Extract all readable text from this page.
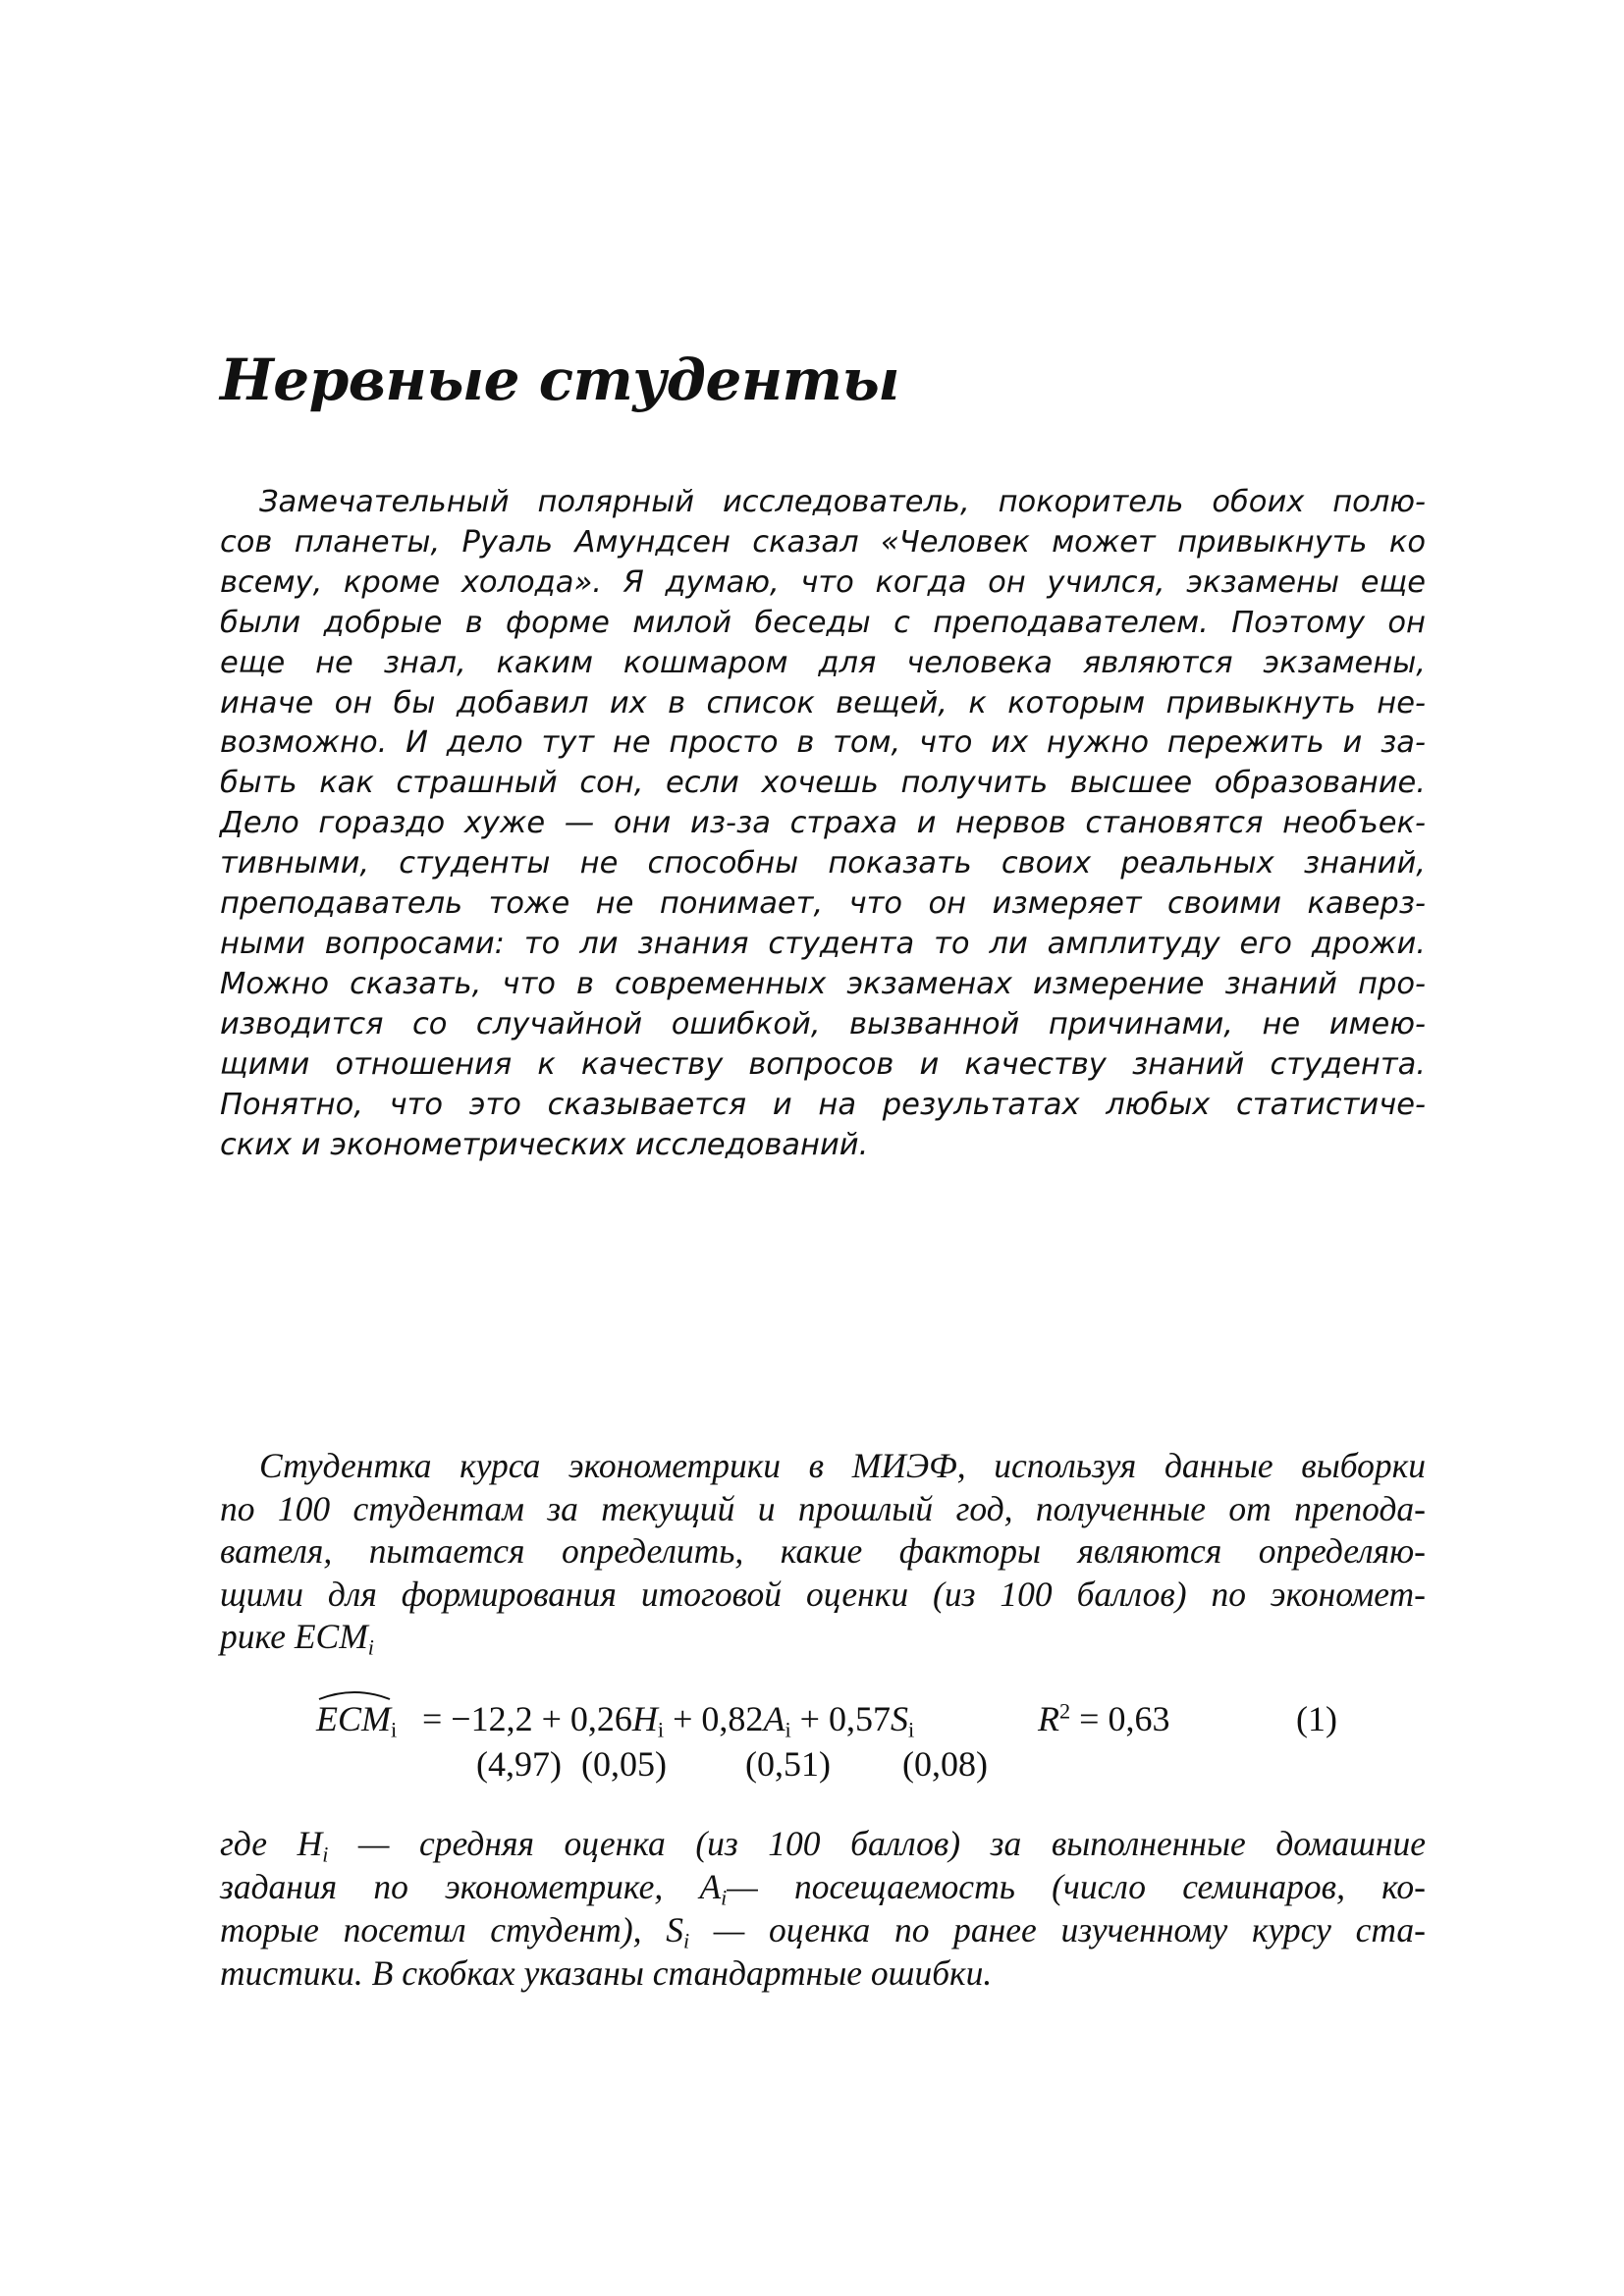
Нервные студенты
Замечательный полярный исследователь, покоритель обоих полю-
сов планеты, Руаль Амундсен сказал «Человек может привыкнуть ко
всему, кроме холода». Я думаю, что когда он учился, экзамены еще
были добрые в форме милой беседы с преподавателем. Поэтому он
еще не знал, каким кошмаром для человека являются экзамены,
иначе он бы добавил их в список вещей, к которым привыкнуть не-
возможно. И дело тут не просто в том, что их нужно пережить и за-
быть как страшный сон, если хочешь получить высшее образование.
Дело гораздо хуже — они из-за страха и нервов становятся необъек-
тивными, студенты не способны показать своих реальных знаний,
преподаватель тоже не понимает, что он измеряет своими каверз-
ными вопросами: то ли знания студента то ли амплитуду его дрожи.
Можно сказать, что в современных экзаменах измерение знаний про-
изводится со случайной ошибкой, вызванной причинами, не имею-
щими отношения к качеству вопросов и качеству знаний студента.
Понятно, что это сказывается и на результатах любых статистиче-
ских и эконометрических исследований.
Студентка курса эконометрики в МИЭФ, используя данные выборки
по 100 студентам за текущий и прошлый год, полученные от препода-
вателя, пытается определить, какие факторы являются определяю-
щими для формирования итоговой оценки (из 100 баллов) по экономет-
рике $ECM_i$
$ECM_i = -12,2 + 0,26H_i + 0,82A_i + 0,57S_i$	$R^2 = 0,63$	(1)
(4,97) (0,05) (0,51) (0,08)
где $H_i$ — средняя оценка (из 100 баллов) за выполненные домашние
задания по эконометрике, $A_i—$ посещаемость (число семинаров, ко-
торые посетил студент), $S_i$ — оценка по ранее изученному курсу ста-
тистики. В скобках указаны стандартные ошибки.
